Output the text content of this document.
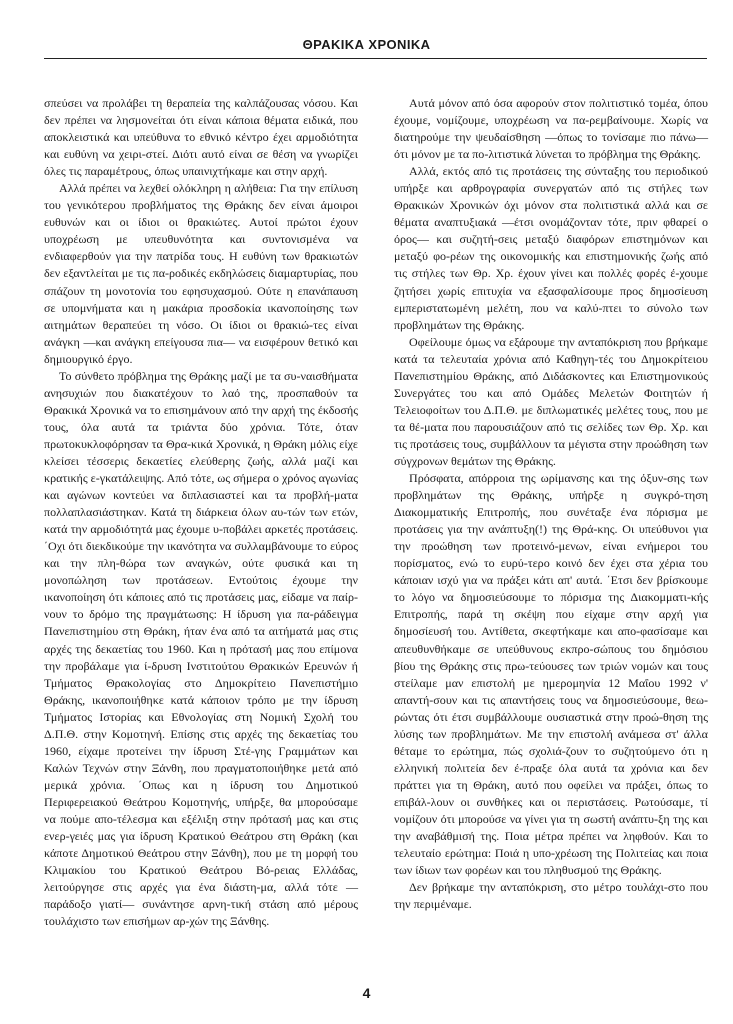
ΘΡΑΚΙΚΑ ΧΡΟΝΙΚΑ

σπεύσει να προλάβει τη θεραπεία της καλπάζουσας νόσου. Και δεν πρέπει να λησμονείται ότι είναι κάποια θέματα ειδικά, που αποκλειστικά και υπεύθυνα το εθνικό κέντρο έχει αρμοδιότητα και ευθύνη να χειρι-στεί. Διότι αυτό είναι σε θέση να γνωρίζει όλες τις παραμέτρους, όπως υπαινιχτήκαμε και στην αρχή.

Αλλά πρέπει να λεχθεί ολόκληρη η αλήθεια: Για την επίλυση του γενικότερου προβλήματος της Θράκης δεν είναι άμοιροι ευθυνών και οι ίδιοι οι θρακιώτες. Αυτοί πρώτοι έχουν υποχρέωση με υπευθυνότητα και συντονισμένα να ενδιαφερθούν για την πατρίδα τους. Η ευθύνη των θρακιωτών δεν εξαντλείται με τις πα-ροδικές εκδηλώσεις διαμαρτυρίας, που σπάζουν τη μονοτονία του εφησυχασμού. Ούτε η επανάπαυση σε υπομνήματα και η μακάρια προσδοκία ικανοποίησης των αιτημάτων θεραπεύει τη νόσο. Οι ίδιοι οι θρακιώ-τες είναι ανάγκη —και ανάγκη επείγουσα πια— να εισφέρουν θετικό και δημιουργικό έργο.

Το σύνθετο πρόβλημα της Θράκης μαζί με τα συ-ναισθήματα ανησυχιών που διακατέχουν το λαό της, προσπαθούν τα Θρακικά Χρονικά να το επισημάνουν από την αρχή της έκδοσής τους, όλα αυτά τα τριάντα δύο χρόνια. Τότε, όταν πρωτοκυκλοφόρησαν τα Θρα-κικά Χρονικά, η Θράκη μόλις είχε κλείσει τέσσερις δεκαετίες ελεύθερης ζωής, αλλά μαζί και κρατικής ε-γκατάλειψης. Από τότε, ως σήμερα ο χρόνος αγωνίας και αγώνων κοντεύει να διπλασιαστεί και τα προβλή-ματα πολλαπλασιάστηκαν. Κατά τη διάρκεια όλων αυ-τών των ετών, κατά την αρμοδιότητά μας έχουμε υ-ποβάλει αρκετές προτάσεις. ΄Οχι ότι διεκδικούμε την ικανότητα να συλλαμβάνουμε το εύρος και την πλη-θώρα των αναγκών, ούτε φυσικά και τη μονοπώληση των προτάσεων. Εντούτοις έχουμε την ικανοποίηση ότι κάποιες από τις προτάσεις μας, είδαμε να παίρ-νουν το δρόμο της πραγμάτωσης: Η ίδρυση για πα-ράδειγμα Πανεπιστημίου στη Θράκη, ήταν ένα από τα αιτήματά μας στις αρχές της δεκαετίας του 1960. Και η πρότασή μας που επίμονα την προβάλαμε για ί-δρυση Ινστιτούτου Θρακικών Ερευνών ή Τμήματος Θρακολογίας στο Δημοκρίτειο Πανεπιστήμιο Θράκης, ικανοποιήθηκε κατά κάποιον τρόπο με την ίδρυση Τμήματος Ιστορίας και Εθνολογίας στη Νομική Σχολή του Δ.Π.Θ. στην Κομοτηνή. Επίσης στις αρχές της δεκαετίας του 1960, είχαμε προτείνει την ίδρυση Στέ-γης Γραμμάτων και Καλών Τεχνών στην Ξάνθη, που πραγματοποιήθηκε μετά από μερικά χρόνια. ΄Οπως και η ίδρυση του Δημοτικού Περιφερειακού Θεάτρου Κομοτηνής, υπήρξε, θα μπορούσαμε να πούμε απο-τέλεσμα και εξέλιξη στην πρότασή μας και στις ενερ-γειές μας για ίδρυση Κρατικού Θεάτρου στη Θράκη (και κάποτε Δημοτικού Θεάτρου στην Ξάνθη), που με τη μορφή του Κλιμακίου του Κρατικού Θεάτρου Βό-ρειας Ελλάδας, λειτούργησε στις αρχές για ένα διάστη-μα, αλλά τότε —παράδοξο γιατί— συνάντησε αρνη-τική στάση από μέρους τουλάχιστο των επισήμων αρ-χών της Ξάνθης.

Αυτά μόνον από όσα αφορούν στον πολιτιστικό τομέα, όπου έχουμε, νομίζουμε, υποχρέωση να πα-ρεμβαίνουμε. Χωρίς να διατηρούμε την ψευδαίσθηση —όπως το τονίσαμε πιο πάνω— ότι μόνον με τα πο-λιτιστικά λύνεται το πρόβλημα της Θράκης.

Αλλά, εκτός από τις προτάσεις της σύνταξης του περιοδικού υπήρξε και αρθρογραφία συνεργατών από τις στήλες των Θρακικών Χρονικών όχι μόνον στα πολιτιστικά αλλά και σε θέματα αναπτυξιακά —έτσι ονομάζονταν τότε, πριν φθαρεί ο όρος— και συζητή-σεις μεταξύ διαφόρων επιστημόνων και μεταξύ φο-ρέων της οικονομικής και επιστημονικής ζωής από τις στήλες των Θρ. Χρ. έχουν γίνει και πολλές φορές έ-χουμε ζητήσει χωρίς επιτυχία να εξασφαλίσουμε προς δημοσίευση εμπεριστατωμένη μελέτη, που να καλύ-πτει το σύνολο των προβλημάτων της Θράκης.

Οφείλουμε όμως να εξάρουμε την ανταπόκριση που βρήκαμε κατά τα τελευταία χρόνια από Καθηγη-τές του Δημοκρίτειου Πανεπιστημίου Θράκης, από Διδάσκοντες και Επιστημονικούς Συνεργάτες του και από Ομάδες Μελετών Φοιτητών ή Τελειοφοίτων του Δ.Π.Θ. με διπλωματικές μελέτες τους, που με τα θέ-ματα που παρουσιάζουν από τις σελίδες των Θρ. Χρ. και τις προτάσεις τους, συμβάλλουν τα μέγιστα στην προώθηση των σύγχρονων θεμάτων της Θράκης.

Πρόσφατα, απόρροια της ωρίμανσης και της όξυν-σης των προβλημάτων της Θράκης, υπήρξε η συγκρό-τηση Διακομματικής Επιτροπής, που συνέταξε ένα πόρισμα με προτάσεις για την ανάπτυξη(!) της Θρά-κης. Οι υπεύθυνοι για την προώθηση των προτεινό-μενων, είναι ενήμεροι του πορίσματος, ενώ το ευρύ-τερο κοινό δεν έχει στα χέρια του κάποιαν ισχύ για να πράξει κάτι απ' αυτά. ΄Ετσι δεν βρίσκουμε το λόγο να δημοσιεύσουμε το πόρισμα της Διακομματι-κής Επιτροπής, παρά τη σκέψη που είχαμε στην αρχή για δημοσίευσή του. Αντίθετα, σκεφτήκαμε και απο-φασίσαμε και απευθυνθήκαμε σε υπεύθυνους εκπρο-σώπους του δημόσιου βίου της Θράκης στις πρω-τεύουσες των τριών νομών και τους στείλαμε μαν επιστολή με ημερομηνία 12 Μαΐου 1992 ν' απαντή-σουν και τις απαντήσεις τους να δημοσιεύσουμε, θεω-ρώντας ότι έτσι συμβάλλουμε ουσιαστικά στην προώ-θηση της λύσης των προβλημάτων. Με την επιστολή ανάμεσα στ' άλλα θέταμε το ερώτημα, πώς σχολιά-ζουν το συζητούμενο ότι η ελληνική πολιτεία δεν έ-πραξε όλα αυτά τα χρόνια και δεν πράττει για τη Θράκη, αυτό που οφείλει να πράξει, όπως το επιβάλ-λουν οι συνθήκες και οι περιστάσεις. Ρωτούσαμε, τί νομίζουν ότι μπορούσε να γίνει για τη σωστή ανάπτυ-ξη της και την αναβάθμισή της. Ποια μέτρα πρέπει να ληφθούν. Και το τελευταίο ερώτημα: Ποιά η υπο-χρέωση της Πολιτείας και ποια των ίδιων των φορέων και του πληθυσμού της Θράκης.

Δεν βρήκαμε την ανταπόκριση, στο μέτρο τουλάχι-στο που την περιμέναμε.

4
